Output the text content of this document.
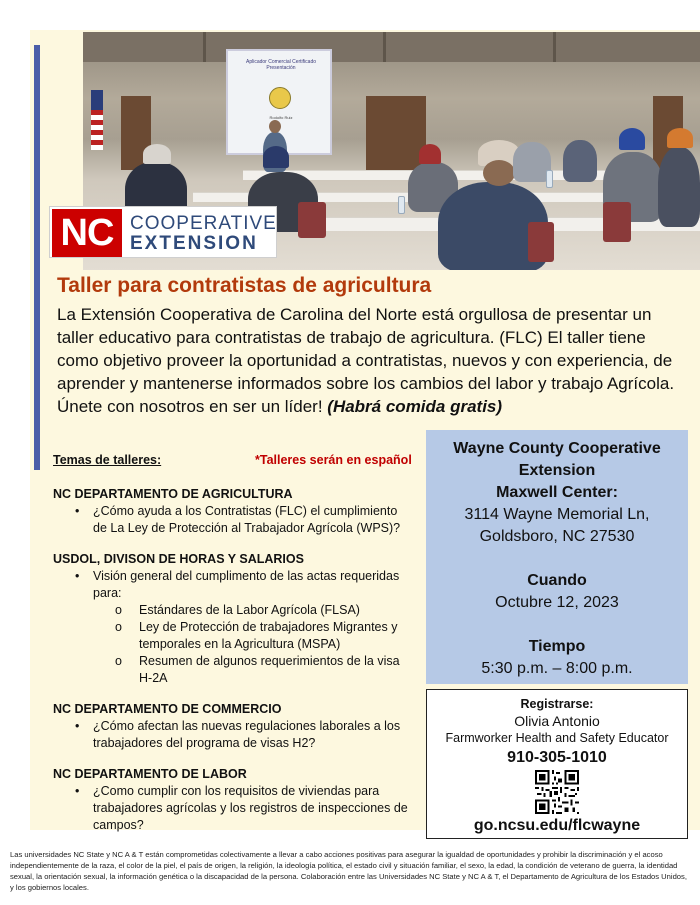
Aplicador Comercial Certificado Presentación
Rodolfo Ruiz
NC COOPERATIVE
EXTENSION
Taller para contratistas de agricultura
La Extensión Cooperativa de Carolina del Norte está orgullosa de presentar un taller educativo para contratistas de trabajo de agricultura. (FLC) El taller tiene como objetivo proveer la oportunidad a contratistas, nuevos y con experiencia, de aprender y mantenerse informados sobre los cambios del labor y trabajo Agrícola. Únete con nosotros en ser un líder! (Habrá comida gratis)
Temas de talleres:	*Talleres serán en español
NC DEPARTAMENTO DE AGRICULTURA
• ¿Cómo ayuda a los Contratistas (FLC) el cumplimiento de La Ley de Protección al Trabajador Agrícola (WPS)?
USDOL, DIVISON DE HORAS Y SALARIOS
• Visión general del cumplimento de las actas requeridas para:
o Estándares de la Labor Agrícola (FLSA)
o Ley de Protección de trabajadores Migrantes y temporales en la Agricultura (MSPA)
o Resumen de algunos requerimientos de la visa H-2A
NC DEPARTAMENTO DE COMMERCIO
• ¿Cómo afectan las nuevas regulaciones laborales a los trabajadores del programa de visas H2?
NC DEPARTAMENTO DE LABOR
• ¿Como cumplir con los requisitos de viviendas para trabajadores agrícolas y los registros de inspecciones de campos?
Wayne County Cooperative
Extension
Maxwell Center:
3114 Wayne Memorial Ln,
Goldsboro, NC 27530
Cuando
Octubre 12, 2023
Tiempo
5:30 p.m. – 8:00 p.m.
Registrarse:
Olivia Antonio
Farmworker Health and Safety Educator
910-305-1010
go.ncsu.edu/flcwayne
Las universidades NC State y NC A & T están comprometidas colectivamente a llevar a cabo acciones positivas para asegurar la igualdad de oportunidades y prohibir la discriminación y el acoso independientemente de la raza, el color de la piel, el país de origen, la religión, la ideología política, el estado civil y situación familiar, el sexo, la edad, la condición de veterano de guerra, la identidad sexual, la orientación sexual, la información genética o la discapacidad de la persona. Colaboración entre las Universidades NC State y NC A & T, el Departamento de Agricultura de los Estados Unidos, y los gobiernos locales.
